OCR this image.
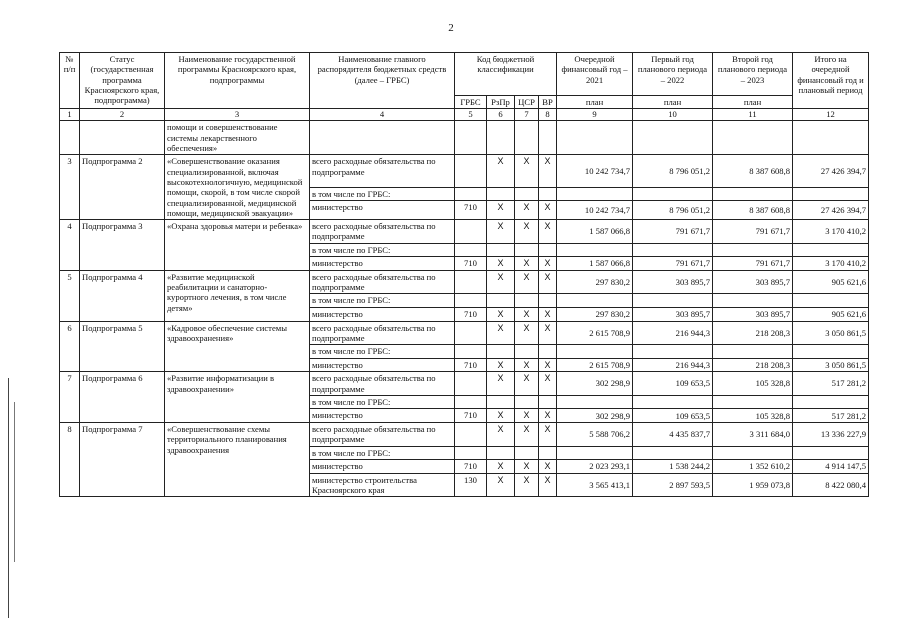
2
№ п/п	Статус (государственная программа Красноярского края, подпрограмма)	Наименование государственной программы Красноярского края, подпрограммы	Наименование главного распорядителя бюджетных средств (далее – ГРБС)	Код бюджетной классификации				Очередной финансовый год – 2021	Первый год планового периода – 2022	Второй год планового периода – 2023	Итого на очередной финансовый год и плановый период
				ГРБС	РзПр	ЦСР	ВР	план	план	план	
1	2	3	4	5	6	7	8	9	10	11	12
		помощи и совершенствование системы лекарственного обеспечения»									
3	Подпрограмма 2	«Совершенствование оказания специализированной, включая высокотехнологичную, медицинской помощи, скорой, в том числе скорой специализированной, медицинской помощи, медицинской эвакуации»	всего расходные обязательства по подпрограмме		Х	Х	Х	10 242 734,7	8 796 051,2	8 387 608,8	27 426 394,7
			в том числе по ГРБС:								
			министерство	710	Х	Х	Х	10 242 734,7	8 796 051,2	8 387 608,8	27 426 394,7
4	Подпрограмма 3	«Охрана здоровья матери и ребенка»	всего расходные обязательства по подпрограмме		Х	Х	Х	1 587 066,8	791 671,7	791 671,7	3 170 410,2
			в том числе по ГРБС:								
			министерство	710	Х	Х	Х	1 587 066,8	791 671,7	791 671,7	3 170 410,2
5	Подпрограмма 4	«Развитие медицинской реабилитации и санаторно-курортного лечения, в том числе детям»	всего расходные обязательства по подпрограмме		Х	Х	Х	297 830,2	303 895,7	303 895,7	905 621,6
			в том числе по ГРБС:								
			министерство	710	Х	Х	Х	297 830,2	303 895,7	303 895,7	905 621,6
6	Подпрограмма 5	«Кадровое обеспечение системы здравоохранения»	всего расходные обязательства по подпрограмме		Х	Х	Х	2 615 708,9	216 944,3	218 208,3	3 050 861,5
			в том числе по ГРБС:								
			министерство	710	Х	Х	Х	2 615 708,9	216 944,3	218 208,3	3 050 861,5
7	Подпрограмма 6	«Развитие информатизации в здравоохранении»	всего расходные обязательства по подпрограмме		Х	Х	Х	302 298,9	109 653,5	105 328,8	517 281,2
			в том числе по ГРБС:								
			министерство	710	Х	Х	Х	302 298,9	109 653,5	105 328,8	517 281,2
8	Подпрограмма 7	«Совершенствование схемы территориального планирования здравоохранения	всего расходные обязательства по подпрограмме		Х	Х	Х	5 588 706,2	4 435 837,7	3 311 684,0	13 336 227,9
			в том числе по ГРБС:								
			министерство	710	Х	Х	Х	2 023 293,1	1 538 244,2	1 352 610,2	4 914 147,5
			министерство строительства Красноярского края	130	Х	Х	Х	3 565 413,1	2 897 593,5	1 959 073,8	8 422 080,4
